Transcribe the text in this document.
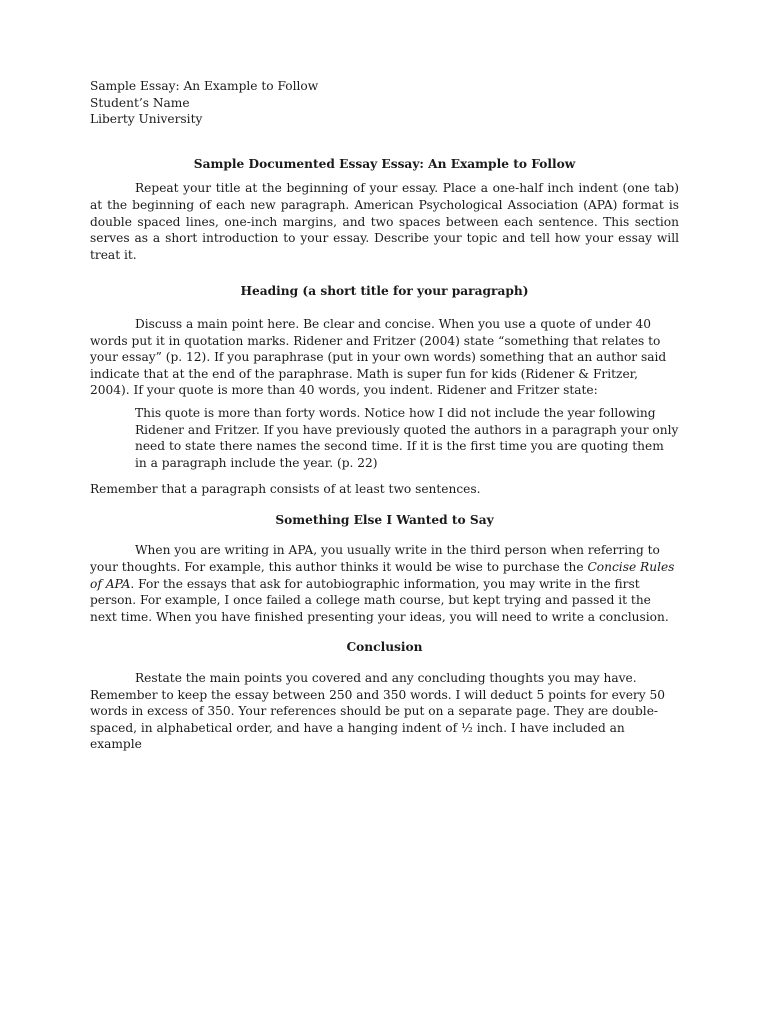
Sample Essay: An Example to Follow
Student’s Name
Liberty University
Sample Documented Essay Essay: An Example to Follow

Repeat your title at the beginning of your essay. Place a one-half inch indent (one tab) at the beginning of each new paragraph. American Psychological Association (APA) format is double spaced lines, one-inch margins, and two spaces between each sentence. This section serves as a short introduction to your essay. Describe your topic and tell how your essay will treat it.

Heading (a short title for your paragraph)

Discuss a main point here. Be clear and concise. When you use a quote of under 40 words put it in quotation marks. Ridener and Fritzer (2004) state “something that relates to your essay” (p. 12). If you paraphrase (put in your own words) something that an author said indicate that at the end of the paraphrase. Math is super fun for kids (Ridener & Fritzer, 2004). If your quote is more than 40 words, you indent. Ridener and Fritzer state:

This quote is more than forty words. Notice how I did not include the year following Ridener and Fritzer. If you have previously quoted the authors in a paragraph your only need to state there names the second time. If it is the first time you are quoting them in a paragraph include the year. (p. 22)

Remember that a paragraph consists of at least two sentences.

Something Else I Wanted to Say

When you are writing in APA, you usually write in the third person when referring to your thoughts. For example, this author thinks it would be wise to purchase the Concise Rules of APA. For the essays that ask for autobiographic information, you may write in the first person. For example, I once failed a college math course, but kept trying and passed it the next time. When you have finished presenting your ideas, you will need to write a conclusion.

Conclusion

Restate the main points you covered and any concluding thoughts you may have. Remember to keep the essay between 250 and 350 words. I will deduct 5 points for every 50 words in excess of 350. Your references should be put on a separate page. They are double-spaced, in alphabetical order, and have a hanging indent of ½ inch. I have included an example
